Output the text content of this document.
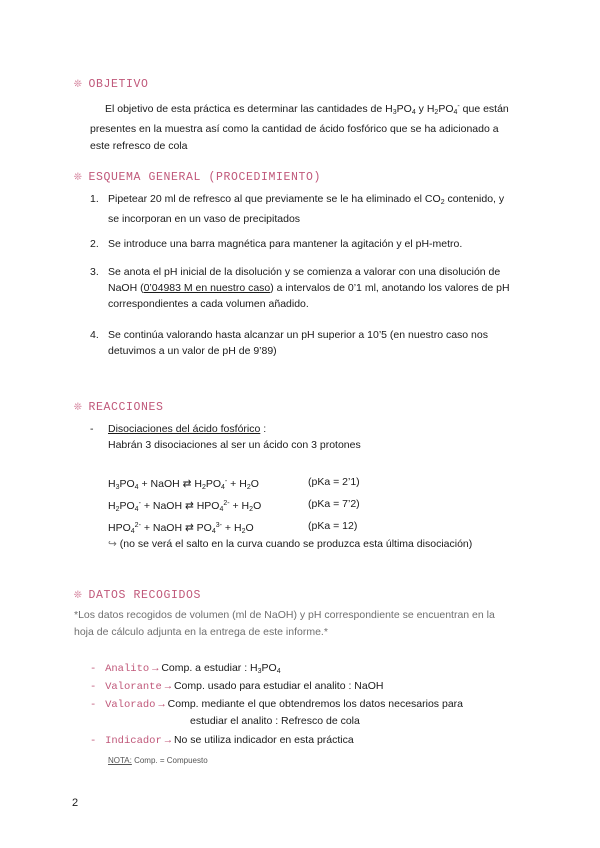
❊ OBJETIVO
El objetivo de esta práctica es determinar las cantidades de $H_3PO_4$ y $H_2PO_4^-$ que están
presentes en la muestra así como la cantidad de ácido fosfórico que se ha adicionado a
este refresco de cola
❊ ESQUEMA GENERAL (PROCEDIMIENTO)
1. Pipetear 20 ml de refresco al que previamente se le ha eliminado el $CO_2$ contenido, y
se incorporan en un vaso de precipitados
2. Se introduce una barra magnética para mantener la agitación y el pH-metro.
3. Se anota el pH inicial de la disolución y se comienza a valorar con una disolución de
NaOH (0’04983 M en nuestro caso) a intervalos de 0’1 ml, anotando los valores de pH
correspondientes a cada volumen añadido.
4. Se continúa valorando hasta alcanzar un pH superior a 10’5 (en nuestro caso nos
detuvimos a un valor de pH de 9’89)
❊ REACCIONES
- Disociaciones del ácido fosfórico :
Habrán 3 disociaciones al ser un ácido con 3 protones
$H_3PO_4$ + NaOH ⇄ $H_2PO_4^- + H_2O$	(pKa = 2’1)
$H_2PO_4^-$ + NaOH ⇄ $HPO_4^{2-} + H_2O$	(pKa = 7’2)
$HPO_4^{2-}$ + NaOH ⇄ $PO_4^{3-} + H_2O$	(pKa = 12)
↪ (no se verá el salto en la curva cuando se produzca esta última disociación)
❊ DATOS RECOGIDOS
*Los datos recogidos de volumen (ml de NaOH) y pH correspondiente se encuentran en la
hoja de cálculo adjunta en la entrega de este informe.*
- Analito → Comp. a estudiar : $H_3PO_4$
- Valorante → Comp. usado para estudiar el analito : NaOH
- Valorado → Comp. mediante el que obtendremos los datos necesarios para
estudiar el analito : Refresco de cola
- Indicador → No se utiliza indicador en esta práctica
NOTA: Comp. = Compuesto
2
